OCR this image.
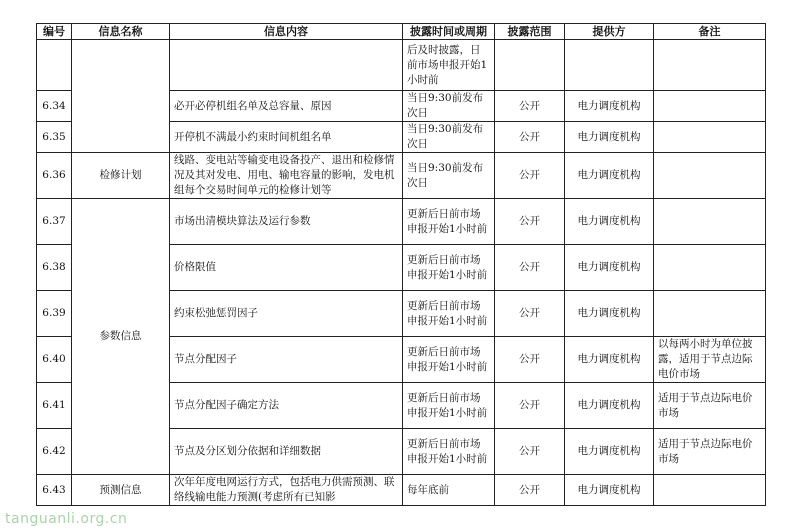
编号	信息名称	信息内容	披露时间或周期	披露范围	提供方	备注
			后及时披露，日前市场申报开始1小时前			
6.34		必开必停机组名单及总容量、原因	当日9:30前发布次日	公开	电力调度机构	
6.35		开停机不满最小约束时间机组名单	当日9:30前发布次日	公开	电力调度机构	
6.36	检修计划	线路、变电站等输变电设备投产、退出和检修情况及其对发电、用电、输电容量的影响，发电机组每个交易时间单元的检修计划等	当日9:30前发布次日	公开	电力调度机构	
6.37	参数信息	市场出清模块算法及运行参数	更新后日前市场申报开始1小时前	公开	电力调度机构	
6.38		价格限值	更新后日前市场申报开始1小时前	公开	电力调度机构	
6.39		约束松弛惩罚因子	更新后日前市场申报开始1小时前	公开	电力调度机构	
6.40		节点分配因子	更新后日前市场申报开始1小时前	公开	电力调度机构	以每两小时为单位披露，适用于节点边际电价市场
6.41		节点分配因子确定方法	更新后日前市场申报开始1小时前	公开	电力调度机构	适用于节点边际电价市场
6.42		节点及分区划分依据和详细数据	更新后日前市场申报开始1小时前	公开	电力调度机构	适用于节点边际电价市场
6.43	预测信息	次年年度电网运行方式，包括电力供需预测、联络线输电能力预测(考虑所有已知影	每年底前	公开	电力调度机构	
tanguanli.org.cn
